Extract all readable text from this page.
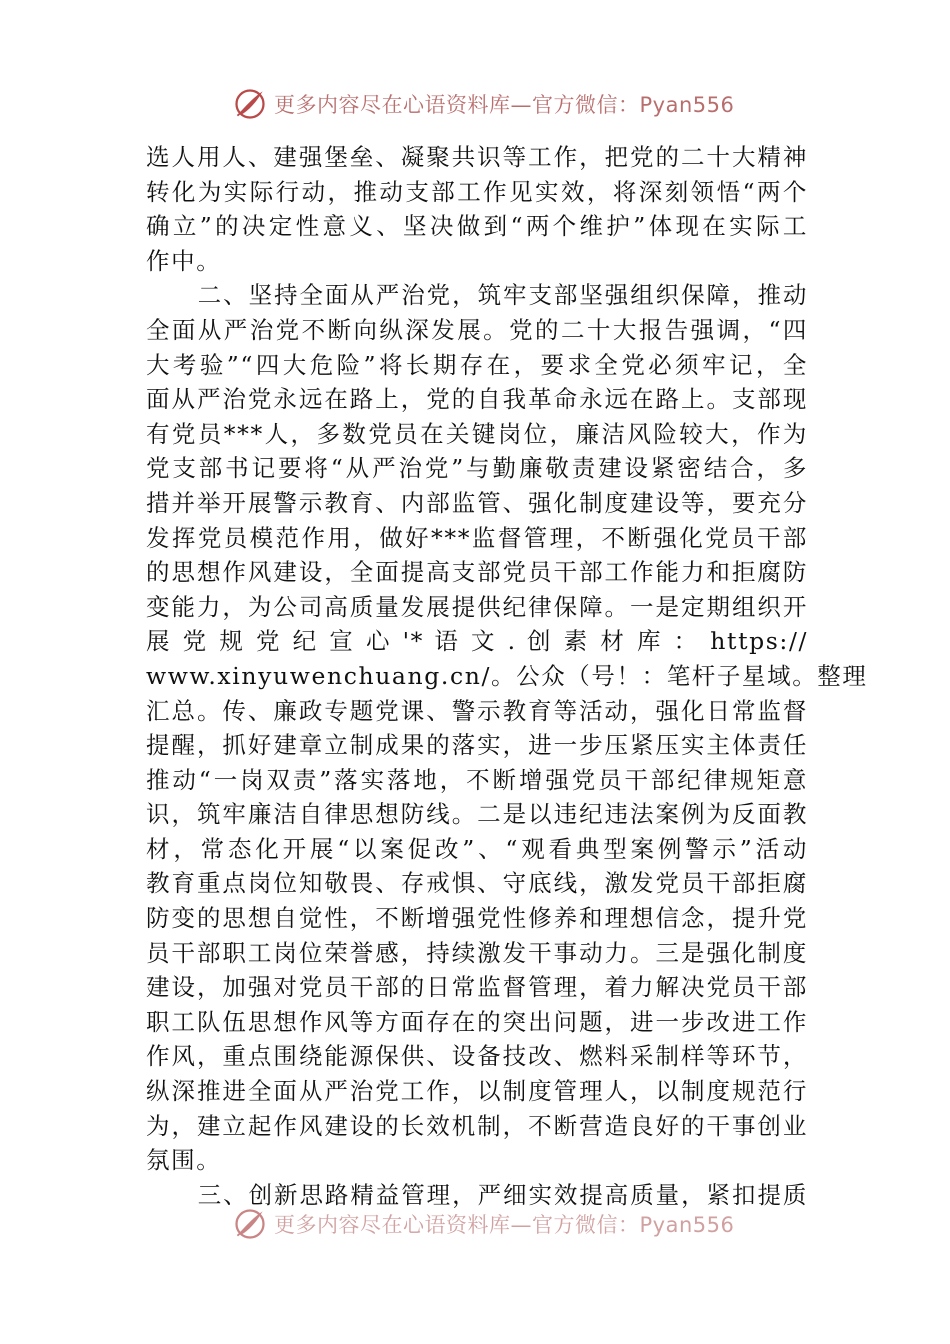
更多内容尽在心语资料库—官方微信：Pyan556

选人用人、建强堡垒、凝聚共识等工作，把党的二十大精神
转化为实际行动，推动支部工作见实效，将深刻领悟“两个
确立”的决定性意义、坚决做到“两个维护”体现在实际工
作中。

二、坚持全面从严治党，筑牢支部坚强组织保障，推动
全面从严治党不断向纵深发展。党的二十大报告强调，“四
大考验”“四大危险”将长期存在，要求全党必须牢记，全
面从严治党永远在路上，党的自我革命永远在路上。支部现
有党员***人，多数党员在关键岗位，廉洁风险较大，作为
党支部书记要将“从严治党”与勤廉敬责建设紧密结合，多
措并举开展警示教育、内部监管、强化制度建设等，要充分
发挥党员模范作用，做好***监督管理，不断强化党员干部
的思想作风建设，全面提高支部党员干部工作能力和拒腐防
变能力，为公司高质量发展提供纪律保障。一是定期组织开
展 党 规 党 纪 宣 心 '* 语 文 . 创 素 材 库 ： https://
www.xinyuwenchuang.cn/。公众（号！：笔杆子星域。整理
汇总。传、廉政专题党课、警示教育等活动，强化日常监督
提醒，抓好建章立制成果的落实，进一步压紧压实主体责任
推动“一岗双责”落实落地，不断增强党员干部纪律规矩意
识，筑牢廉洁自律思想防线。二是以违纪违法案例为反面教
材，常态化开展“以案促改”、“观看典型案例警示”活动
教育重点岗位知敬畏、存戒惧、守底线，激发党员干部拒腐
防变的思想自觉性，不断增强党性修养和理想信念，提升党
员干部职工岗位荣誉感，持续激发干事动力。三是强化制度
建设，加强对党员干部的日常监督管理，着力解决党员干部
职工队伍思想作风等方面存在的突出问题，进一步改进工作
作风，重点围绕能源保供、设备技改、燃料采制样等环节，
纵深推进全面从严治党工作，以制度管理人，以制度规范行
为，建立起作风建设的长效机制，不断营造良好的干事创业
氛围。

三、创新思路精益管理，严细实效提高质量，紧扣提质

更多内容尽在心语资料库—官方微信：Pyan556
